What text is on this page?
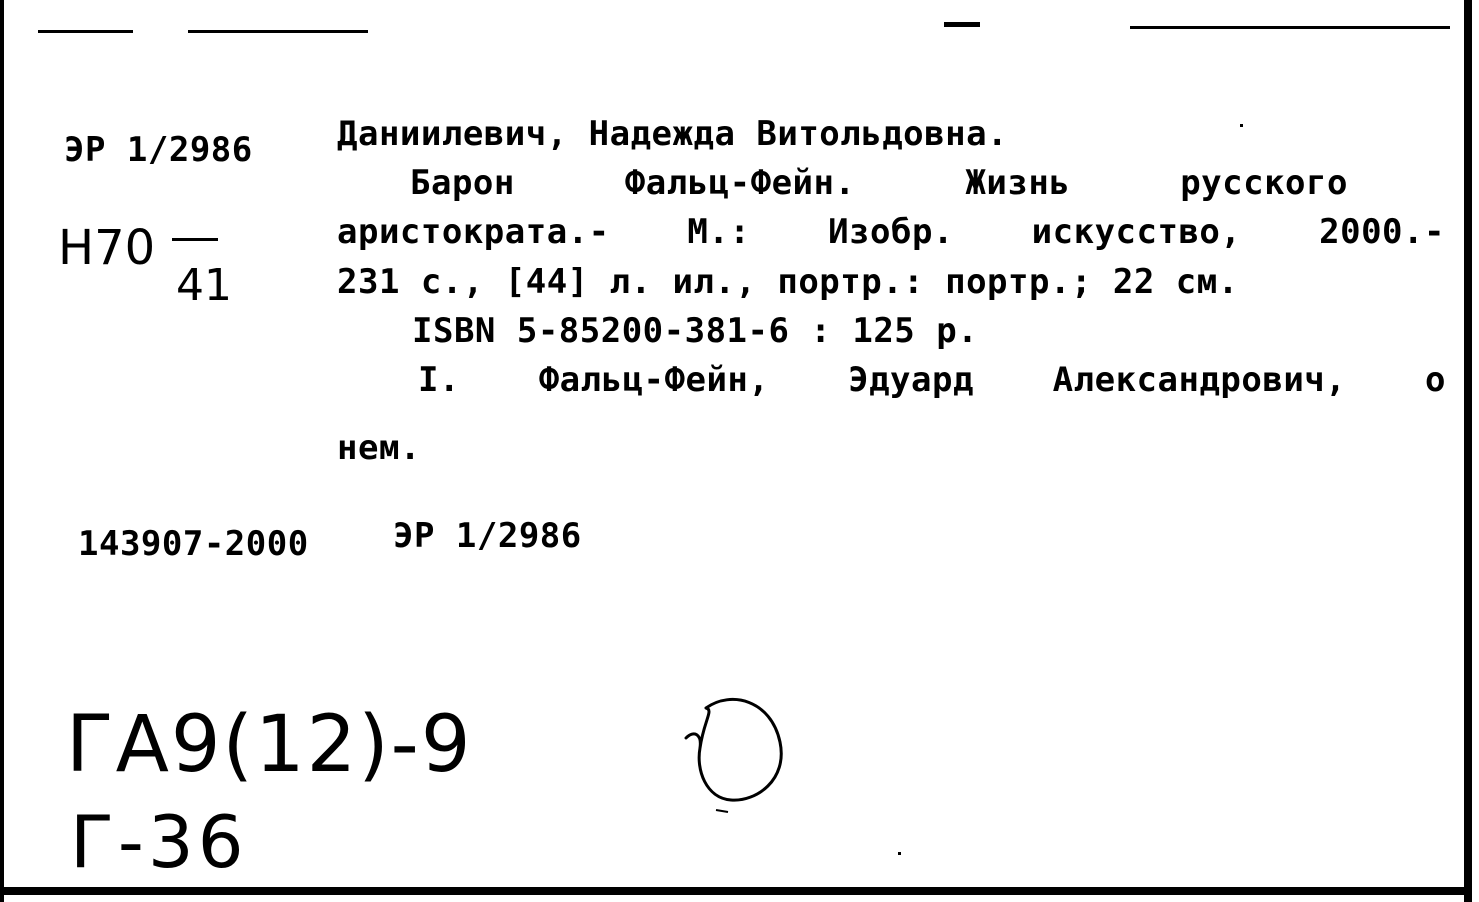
ЭР 1/2986
Н70
41
Даниилевич, Надежда Витольдовна.
Барон	Фальц-Фейн.	Жизнь	русского
аристократа.- М.: Изобр. искусство, 2000.-
231 с., [44] л. ил., портр.: портр.; 22 см.
ISBN 5-85200-381-6 : 125 р.
I. Фальц-Фейн, Эдуард Александрович, о
нем.
143907-2000 ЭР 1/2986
ГА9(12)-9
Г-36
